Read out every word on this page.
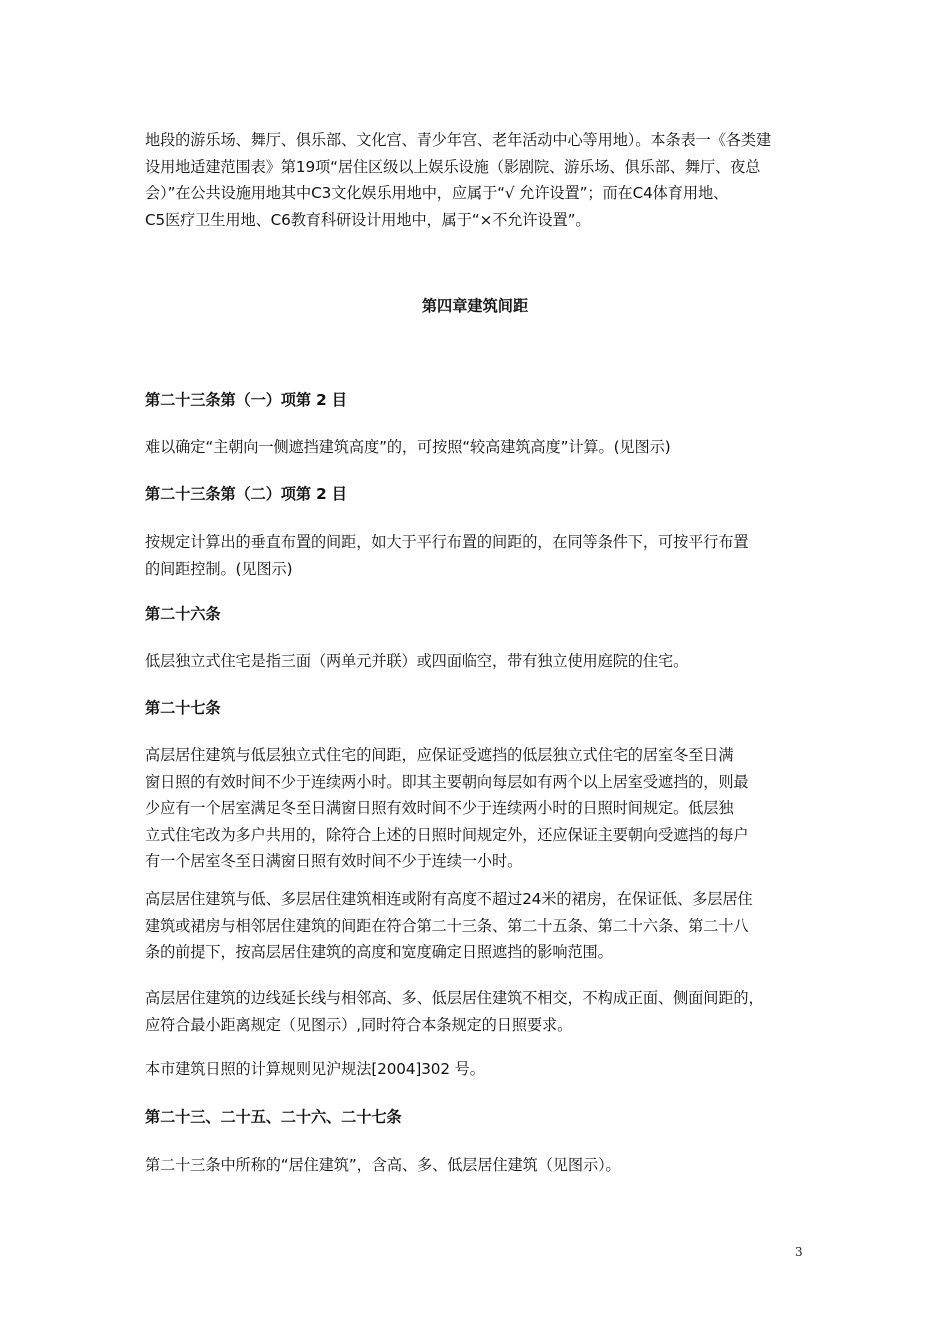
地段的游乐场、舞厅、俱乐部、文化宫、青少年宫、老年活动中心等用地）。本条表一《各类建
设用地适建范围表》第19项“居住区级以上娱乐设施（影剧院、游乐场、俱乐部、舞厅、夜总
会）”在公共设施用地其中C3文化娱乐用地中，应属于“√ 允许设置”；而在C4体育用地、
C5医疗卫生用地、C6教育科研设计用地中，属于“×不允许设置”。
第四章建筑间距
第二十三条第（一）项第 2 目
难以确定“主朝向一侧遮挡建筑高度”的，可按照“较高建筑高度”计算。(见图示)
第二十三条第（二）项第 2 目
按规定计算出的垂直布置的间距，如大于平行布置的间距的，在同等条件下，可按平行布置
的间距控制。(见图示)
第二十六条
低层独立式住宅是指三面（两单元并联）或四面临空，带有独立使用庭院的住宅。
第二十七条
高层居住建筑与低层独立式住宅的间距，应保证受遮挡的低层独立式住宅的居室冬至日满
窗日照的有效时间不少于连续两小时。即其主要朝向每层如有两个以上居室受遮挡的，则最
少应有一个居室满足冬至日满窗日照有效时间不少于连续两小时的日照时间规定。低层独
立式住宅改为多户共用的，除符合上述的日照时间规定外，还应保证主要朝向受遮挡的每户
有一个居室冬至日满窗日照有效时间不少于连续一小时。
高层居住建筑与低、多层居住建筑相连或附有高度不超过24米的裙房，在保证低、多层居住
建筑或裙房与相邻居住建筑的间距在符合第二十三条、第二十五条、第二十六条、第二十八
条的前提下，按高层居住建筑的高度和宽度确定日照遮挡的影响范围。
高层居住建筑的边线延长线与相邻高、多、低层居住建筑不相交，不构成正面、侧面间距的，
应符合最小距离规定（见图示）,同时符合本条规定的日照要求。
本市建筑日照的计算规则见沪规法[2004]302 号。
第二十三、二十五、二十六、二十七条
第二十三条中所称的“居住建筑”，含高、多、低层居住建筑（见图示）。
3
